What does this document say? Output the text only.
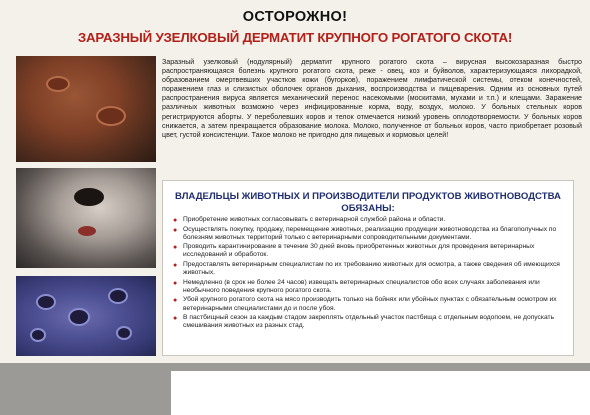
ОСТОРОЖНО!
ЗАРАЗНЫЙ УЗЕЛКОВЫЙ ДЕРМАТИТ КРУПНОГО РОГАТОГО СКОТА!
Заразный узелковый (нодулярный) дерматит крупного рогатого скота – вирусная высокозаразная быстро распространяющаяся болезнь крупного рогатого скота, реже - овец, коз и буйволов, характеризующаяся лихорадкой, образованием омертвевших участков кожи (бугорков), поражением лимфатической системы, отеком конечностей, поражением глаз и слизистых оболочек органов дыхания, воспроизводства и пищеварения. Одним из основных путей распространения вируса является механический перенос насекомыми (москитами, мухами и т.п.) и клещами. Заражение различных животных возможно через инфицированные корма, воду, воздух, молоко. У больных стельных коров регистрируются аборты. У переболевших коров и телок отмечается низкий уровень оплодотворяемости. У больных коров снижается, а затем прекращается образование молока. Молоко, полученное от больных коров, часто приобретает розовый цвет, густой консистенции. Такое молоко не пригодно для пищевых и кормовых целей!
ВЛАДЕЛЬЦЫ ЖИВОТНЫХ И ПРОИЗВОДИТЕЛИ ПРОДУКТОВ ЖИВОТНОВОДСТВА ОБЯЗАНЫ:
● Приобретение животных согласовывать с ветеринарной службой района и области.
● Осуществлять покупку, продажу, перемещение животных, реализацию продукции животноводства из благополучных по болезням животных территорий только с ветеринарными сопроводительными документами.
● Проводить карантинирование в течение 30 дней вновь приобретенных животных для проведения ветеринарных исследований и обработок.
● Предоставлять ветеринарным специалистам по их требованию животных для осмотра, а также сведения об имеющихся животных.
● Немедленно (в срок не более 24 часов) извещать ветеринарных специалистов обо всех случаях заболевания или необычного поведения крупного рогатого скота.
● Убой крупного рогатого скота на мясо производить только на бойнях или убойных пунктах с обязательным осмотром их ветеринарными специалистами до и после убоя.
● В пастбищный сезон за каждым стадом закреплять отдельный участок пастбища с отдельным водопоем, не допускать смешивания животных из разных стад.
